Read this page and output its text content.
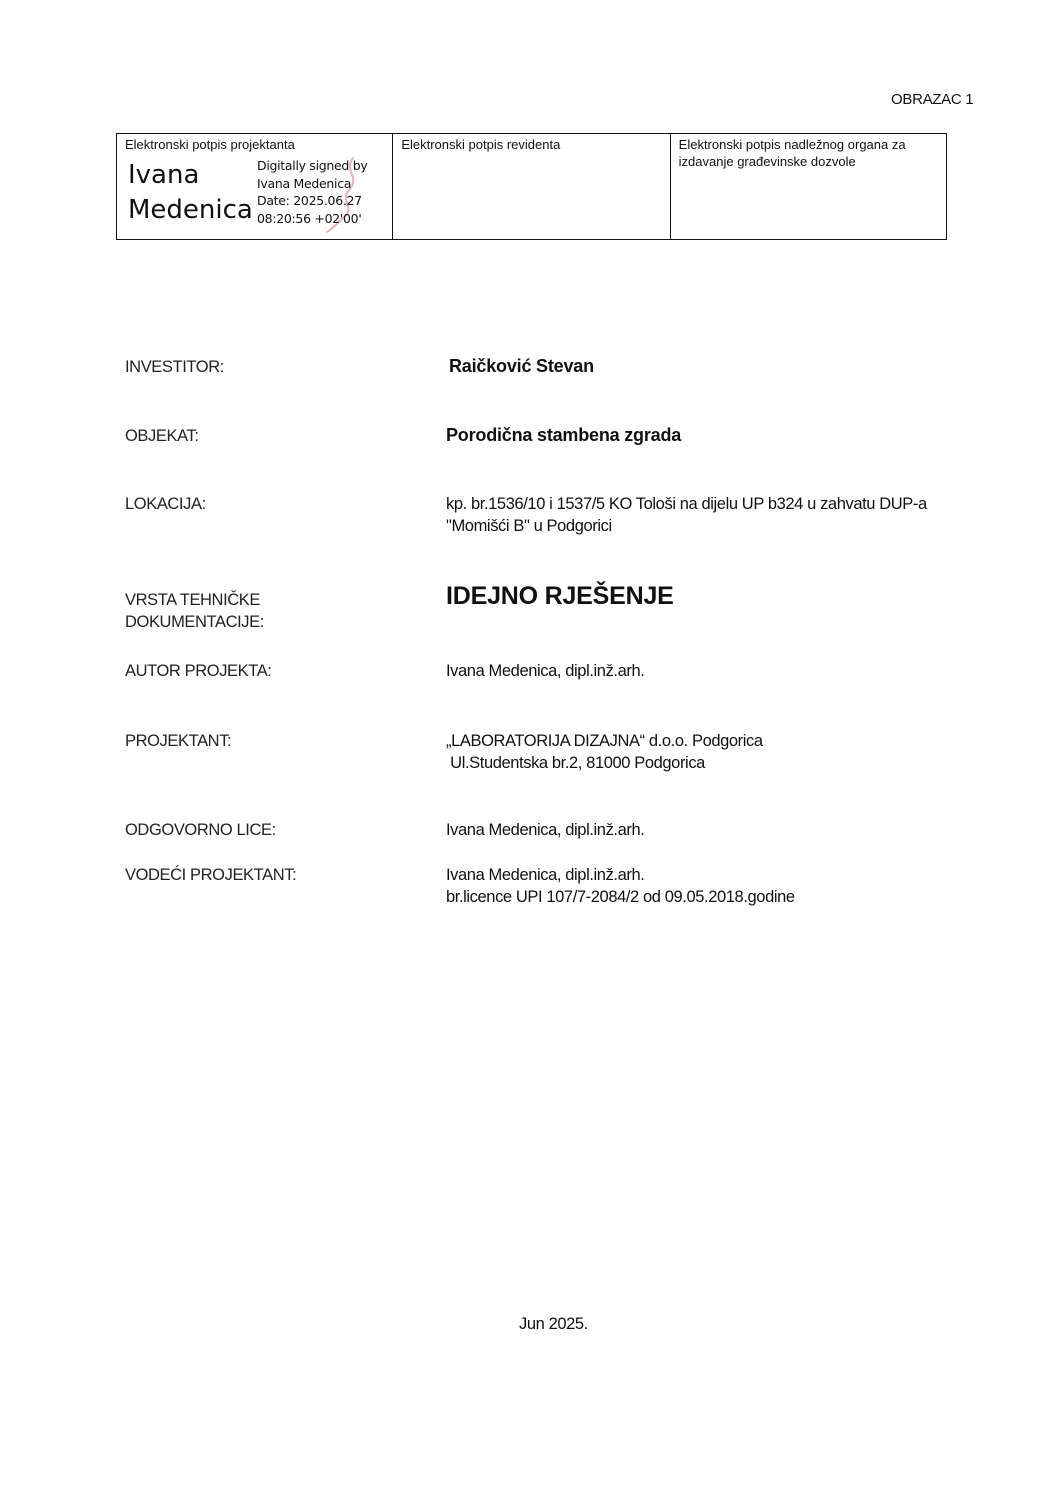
OBRAZAC 1
Elektronski potpis projektanta
Ivana
Medenica
Digitally signed by
Ivana Medenica
Date: 2025.06.27
08:20:56 +02'00'
Elektronski potpis revidenta	Elektronski potpis nadležnog organa za
izdavanje građevinske dozvole
INVESTITOR:	Raičković Stevan
OBJEKAT:	Porodična stambena zgrada
LOKACIJA:	kp. br.1536/10 i 1537/5 KO Tološi na dijelu UP b324 u zahvatu DUP-a
"Momišći B" u Podgorici
VRSTA TEHNIČKE
DOKUMENTACIJE:
IDEJNO RJEŠENJE
AUTOR PROJEKTA:	Ivana Medenica, dipl.inž.arh.
PROJEKTANT:	„LABORATORIJA DIZAJNA“ d.o.o. Podgorica
Ul.Studentska br.2, 81000 Podgorica
ODGOVORNO LICE:	Ivana Medenica, dipl.inž.arh.
VODEĆI PROJEKTANT:	Ivana Medenica, dipl.inž.arh.
br.licence UPI 107/7-2084/2 od 09.05.2018.godine
Jun 2025.
